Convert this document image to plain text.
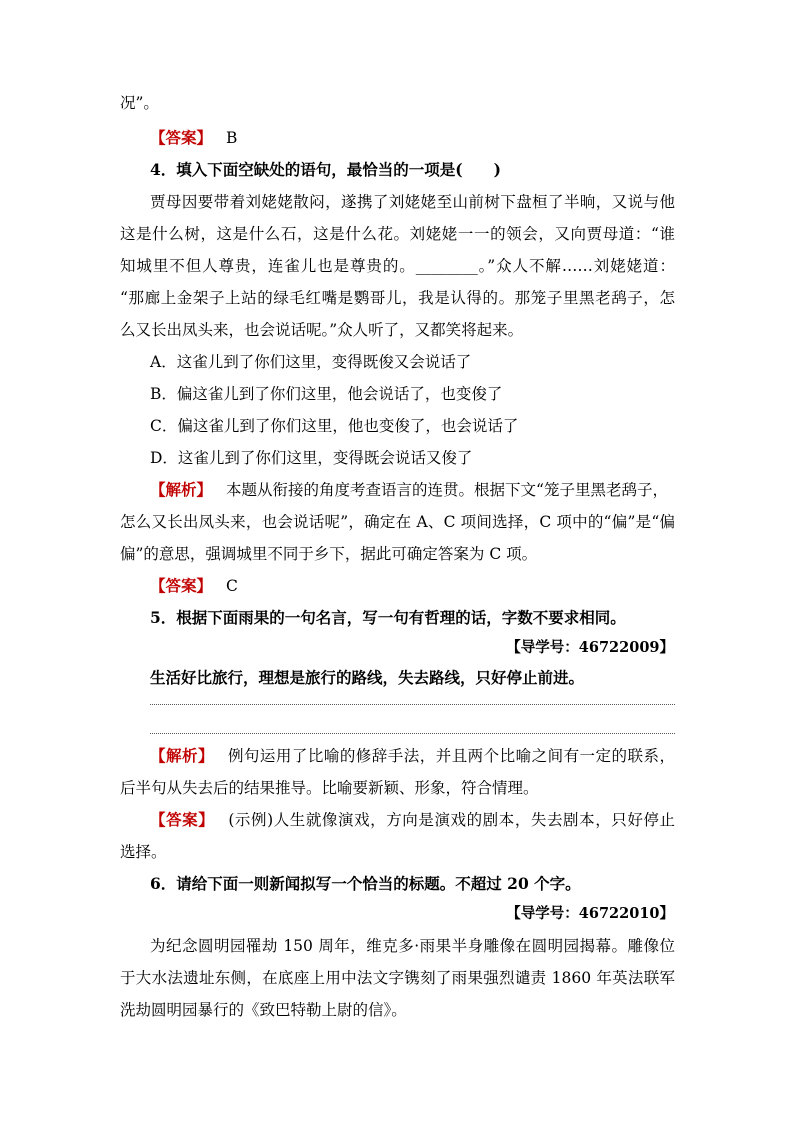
况”。
【答案】 B
4．填入下面空缺处的语句，最恰当的一项是(　　)
贾母因要带着刘姥姥散闷，遂携了刘姥姥至山前树下盘桓了半晌，又说与他
这是什么树，这是什么石，这是什么花。刘姥姥一一的领会，又向贾母道：“谁
知城里不但人尊贵，连雀儿也是尊贵的。________。”众人不解……刘姥姥道：
“那廊上金架子上站的绿毛红嘴是鹦哥儿，我是认得的。那笼子里黑老鸹子，怎
么又长出凤头来，也会说话呢。”众人听了，又都笑将起来。
A．这雀儿到了你们这里，变得既俊又会说话了
B．偏这雀儿到了你们这里，他会说话了，也变俊了
C．偏这雀儿到了你们这里，他也变俊了，也会说话了
D．这雀儿到了你们这里，变得既会说话又俊了
【解析】 本题从衔接的角度考查语言的连贯。根据下文“笼子里黑老鸹子，
怎么又长出凤头来，也会说话呢”，确定在 A、C 项间选择，C 项中的“偏”是“偏
偏”的意思，强调城里不同于乡下，据此可确定答案为 C 项。
【答案】 C
5．根据下面雨果的一句名言，写一句有哲理的话，字数不要求相同。
【导学号：46722009】
生活好比旅行，理想是旅行的路线，失去路线，只好停止前进。
【解析】 例句运用了比喻的修辞手法，并且两个比喻之间有一定的联系，
后半句从失去后的结果推导。比喻要新颖、形象，符合情理。
【答案】 (示例)人生就像演戏，方向是演戏的剧本，失去剧本，只好停止
选择。
6．请给下面一则新闻拟写一个恰当的标题。不超过 20 个字。
【导学号：46722010】
为纪念圆明园罹劫 150 周年，维克多·雨果半身雕像在圆明园揭幕。雕像位
于大水法遗址东侧，在底座上用中法文字镌刻了雨果强烈谴责 1860 年英法联军
洗劫圆明园暴行的《致巴特勒上尉的信》。
